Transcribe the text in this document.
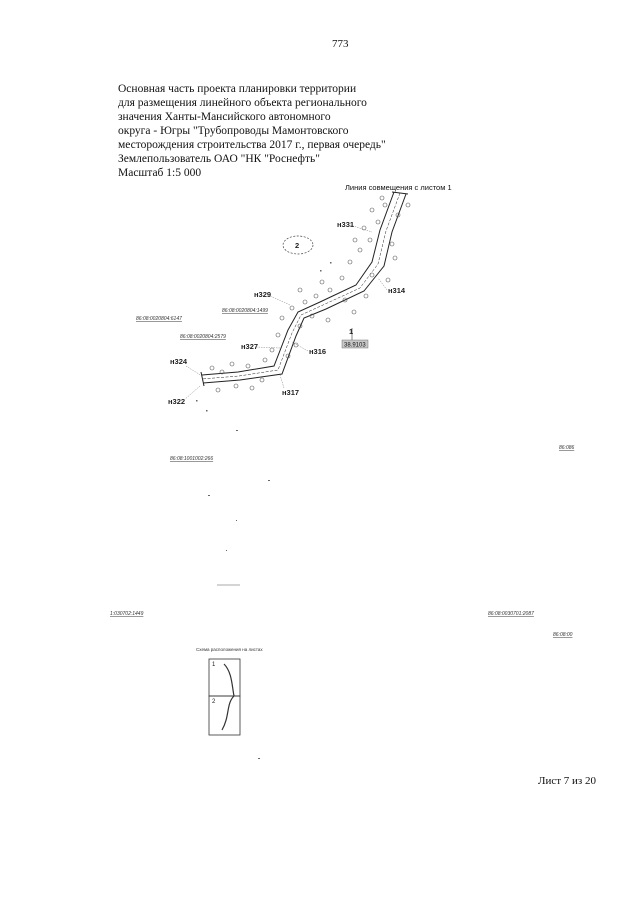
773
Основная часть проекта планировки территории
для размещения линейного объекта регионального
значения Ханты-Мансийского автономного
округа - Югры "Трубопроводы Мамонтовского
месторождения строительства 2017 г., первая очередь"
Землепользователь ОАО "НК "Роснефть"
Масштаб 1:5 000
Линия совмещения с листом 1
2
н331
н329	н314
н327
н316
н324
н317
н322
1
38.9103
86:08:0020804:6147
86:08:0020804:1499
86:08:0020804:2579
86:08:1001002:266
86:086
1:030702:1449	86:08:0030701:2087
86:08:00
Схема расположения на листах
1
2
Лист 7 из 20
